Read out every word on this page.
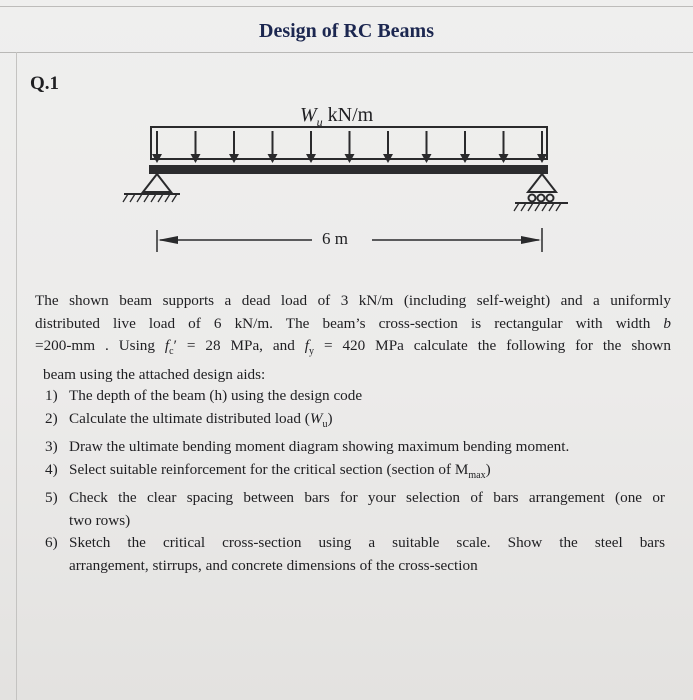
Design of RC Beams
Q.1
$W_u$ kN/m
6 m
The shown beam supports a dead load of 3 kN/m (including self-weight) and a uniformly
distributed live load of 6 kN/m. The beam’s cross-section is rectangular with width b
=200-mm . Using $f_c' = 28$ MPa, and $f_y = 420$ MPa calculate the following for the shown
beam using the attached design aids:
1) The depth of the beam (h) using the design code
2) Calculate the ultimate distributed load $(W_u)$
3) Draw the ultimate bending moment diagram showing maximum bending moment.
4) Select suitable reinforcement for the critical section (section of $M_{max}$)
5) Check the clear spacing between bars for your selection of bars arrangement (one or
two rows)
6) Sketch the critical cross-section using a suitable scale. Show the steel bars
arrangement, stirrups, and concrete dimensions of the cross-section
